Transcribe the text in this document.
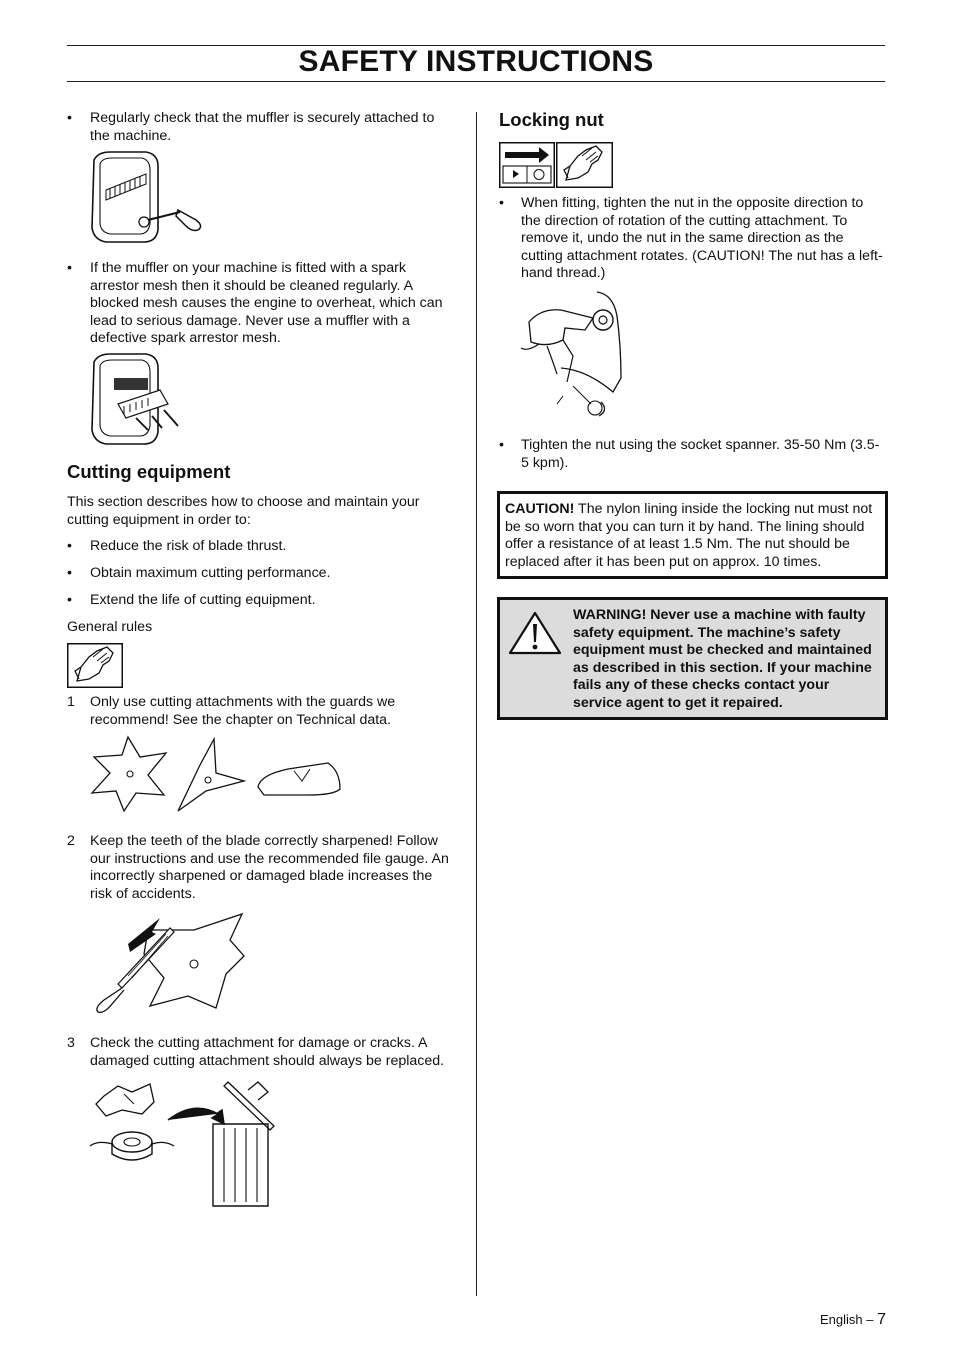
SAFETY INSTRUCTIONS
• Regularly check that the muffler is securely attached to the machine.
• If the muffler on your machine is fitted with a spark arrestor mesh then it should be cleaned regularly. A blocked mesh causes the engine to overheat, which can lead to serious damage. Never use a muffler with a defective spark arrestor mesh.
Cutting equipment
This section describes how to choose and maintain your cutting equipment in order to:
• Reduce the risk of blade thrust.
• Obtain maximum cutting performance.
• Extend the life of cutting equipment.
General rules
1 Only use cutting attachments with the guards we recommend! See the chapter on Technical data.
2 Keep the teeth of the blade correctly sharpened! Follow our instructions and use the recommended file gauge. An incorrectly sharpened or damaged blade increases the risk of accidents.
3 Check the cutting attachment for damage or cracks. A damaged cutting attachment should always be replaced.
Locking nut
• When fitting, tighten the nut in the opposite direction to the direction of rotation of the cutting attachment. To remove it, undo the nut in the same direction as the cutting attachment rotates. (CAUTION! The nut has a left-hand thread.)
• Tighten the nut using the socket spanner. 35-50 Nm (3.5-5 kpm).
CAUTION! The nylon lining inside the locking nut must not be so worn that you can turn it by hand. The lining should offer a resistance of at least 1.5 Nm. The nut should be replaced after it has been put on approx. 10 times.
WARNING! Never use a machine with faulty safety equipment. The machine’s safety equipment must be checked and maintained as described in this section. If your machine fails any of these checks contact your service agent to get it repaired.
English – 7
